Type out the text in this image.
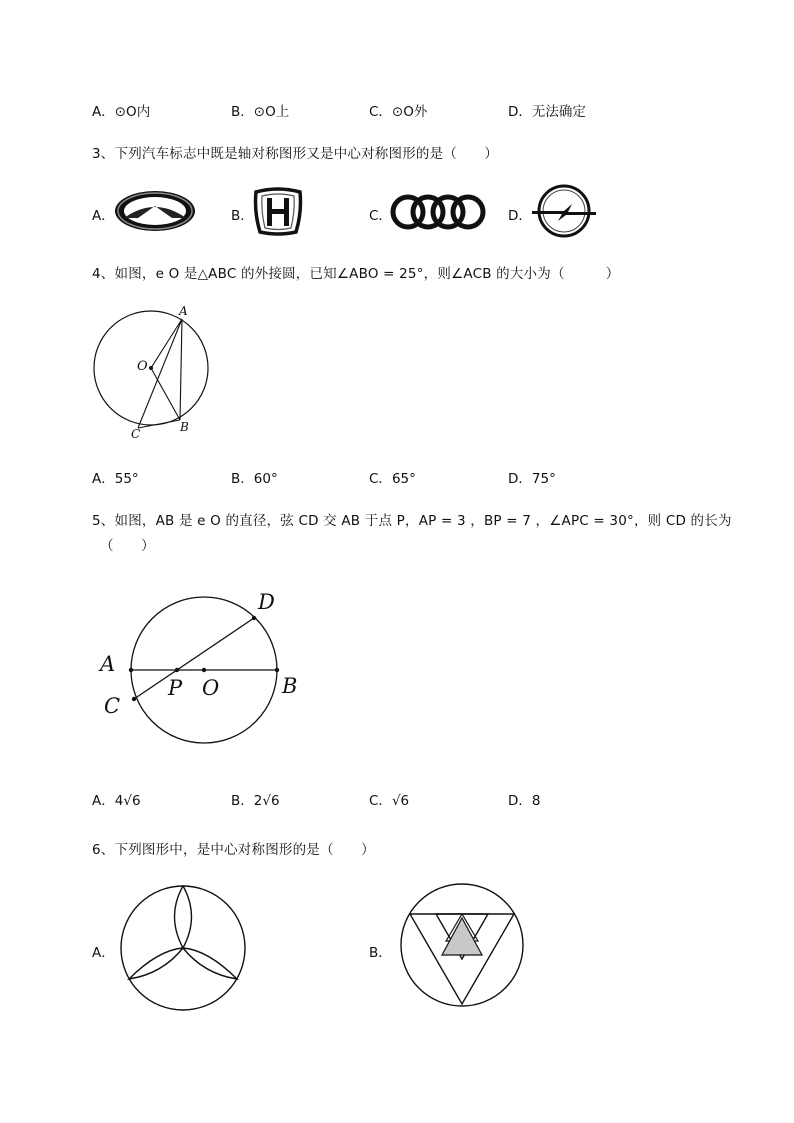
A．⊙O内	B．⊙O上	C．⊙O外	D．无法确定
3、下列汽车标志中既是轴对称图形又是中心对称图形的是（　　）
A．	B．	C．	D．
4、如图，e O 是△ABC 的外接圆，已知∠ABO = 25°，则∠ACB 的大小为（　　　）
A
O
B
C
A．55°	B．60°	C．65°	D．75°
5、如图，AB 是 e O 的直径，弦 CD 交 AB 于点 P，AP = 3 ，BP = 7 ，∠APC = 30°，则 CD 的长为
（　　）
A
B
C
D
P O
A．4√6	B．2√6	C．√6	D．8
6、下列图形中，是中心对称图形的是（　　）
A．	B．
